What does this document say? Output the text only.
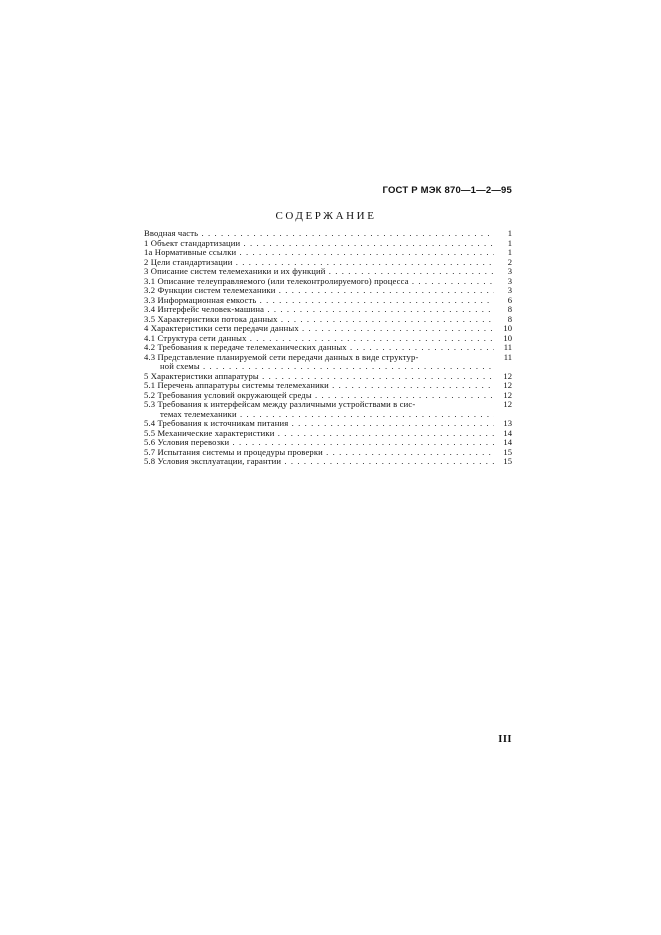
ГОСТ Р МЭК 870—1—2—95
СОДЕРЖАНИЕ
Вводная часть . .	1
1 Объект стандартизации . .	1
1а Нормативные ссылки . .	1
2 Цели стандартизации . .	2
3 Описание систем телемеханики и их функций . .	3
3.1 Описание телеуправляемого (или телеконтролируемого) процесса . .	3
3.2 Функции систем телемеханики . .	3
3.3 Информационная емкость . .	6
3.4 Интерфейс человек-машина . .	8
3.5 Характеристики потока данных . .	8
4 Характеристики сети передачи данных . .	10
4.1 Структура сети данных . .	10
4.2 Требования к передаче телемеханических данных . .	11
4.3 Представление планируемой сети передачи данных в виде структур-	11
ной схемы . .
5 Характеристики аппаратуры . .	12
5.1 Перечень аппаратуры системы телемеханики . .	12
5.2 Требования условий окружающей среды . .	12
5.3 Требования к интерфейсам между различными устройствами в сис-	12
темах телемеханики . .
5.4 Требования к источникам питания . .	13
5.5 Механические характеристики . .	14
5.6 Условия перевозки . .	14
5.7 Испытания системы и процедуры проверки . .	15
5.8 Условия эксплуатации, гарантии . .	15
III
